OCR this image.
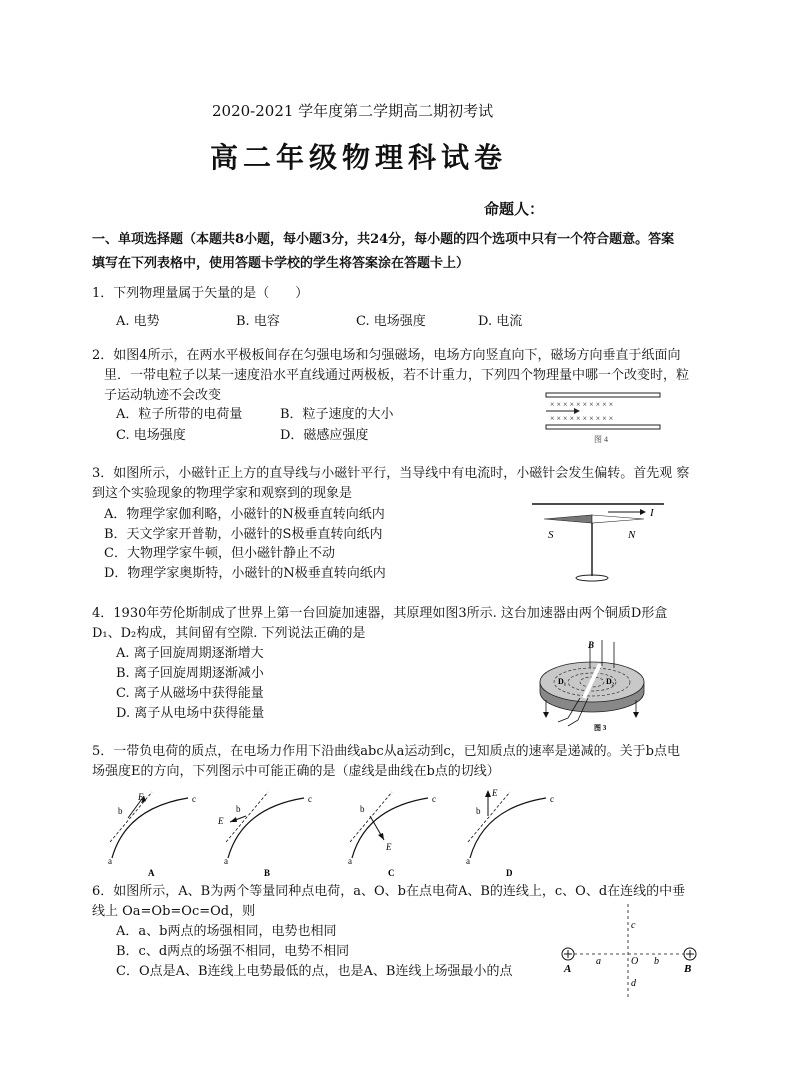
2020-2021 学年度第二学期高二期初考试
高二年级物理科试卷
命题人：
一、单项选择题（本题共8小题，每小题3分，共24分，每小题的四个选项中只有一个符合题意。答案
填写在下列表格中，使用答题卡学校的学生将答案涂在答题卡上）
1．下列物理量属于矢量的是（　　）
A. 电势	B. 电容	C. 电场强度	D. 电流
2．如图4所示，在两水平极板间存在匀强电场和匀强磁场，电场方向竖直向下，磁场方向垂直于纸面向
里．一带电粒子以某一速度沿水平直线通过两极板，若不计重力，下列四个物理量中哪一个改变时，粒
子运动轨迹不会改变
A．粒子所带的电荷量	B．粒子速度的大小
C. 电场强度	D．磁感应强度
× × × × × × × × × ×
× × × × × × × × × ×
图 4
3．如图所示，小磁针正上方的直导线与小磁针平行，当导线中有电流时，小磁针会发生偏转。首先观 察
到这个实验现象的物理学家和观察到的现象是
A．物理学家伽利略，小磁针的N极垂直转向纸内
B．天文学家开普勒，小磁针的S极垂直转向纸内
C．大物理学家牛顿，但小磁针静止不动
D．物理学家奥斯特，小磁针的N极垂直转向纸内
I
S	N
4．1930年劳伦斯制成了世界上第一台回旋加速器，其原理如图3所示. 这台加速器由两个铜质D形盒
D₁、D₂构成，其间留有空隙. 下列说法正确的是
A. 离子回旋周期逐渐增大
B. 离子回旋周期逐渐减小
C. 离子从磁场中获得能量
D. 离子从电场中获得能量
B
D₁	D₂
图 3
5．一带负电荷的质点，在电场力作用下沿曲线abc从a运动到c，已知质点的速率是递减的。关于b点电
场强度E的方向，下列图示中可能正确的是（虚线是曲线在b点的切线）
E
b
c
a
A
E
b
c
a
B
E
b
c
a
C
E
b
c
a
D
6．如图所示，A、B为两个等量同种点电荷，a、O、b在点电荷A、B的连线上，c、O、d在连线的中垂
线上 Oa=Ob=Oc=Od，则
A．a、b两点的场强相同，电势也相同
B．c、d两点的场强不相同，电势不相同
C．O点是A、B连线上电势最低的点，也是A、B连线上场强最小的点	A
a	O b
B
c
d
